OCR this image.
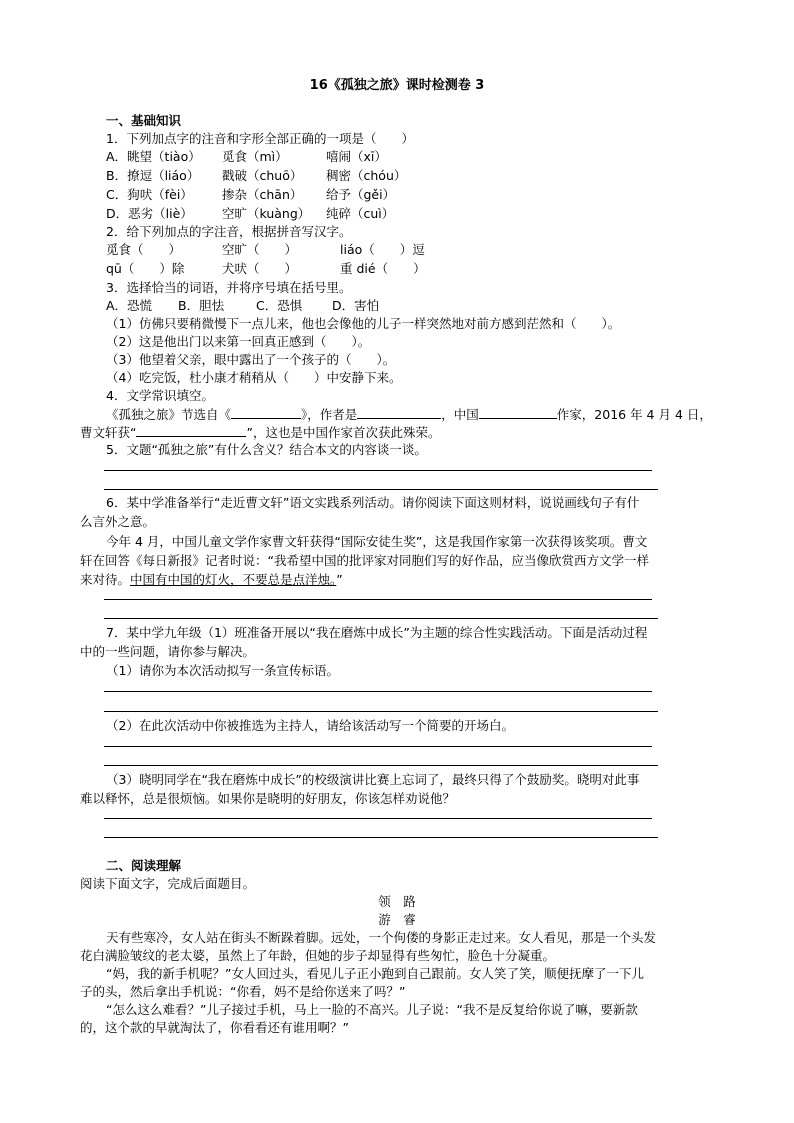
16《孤独之旅》课时检测卷 3
一、基础知识
1．下列加点字的注音和字形全部正确的一项是（　　）
A．眺望（tiào） 觅食（mì）	嘻闹（xī）
B．撩逗（liáo） 戳破（chuō） 稠密（chóu）
C．狗吠（fèi） 掺杂（chān） 给予（gěi）
D．恶劣（liè） 空旷（kuàng） 纯碎（cuì）
2．给下列加点的字注音，根据拼音写汉字。
觅食（　　）	空旷（　　）	liáo（　　）逗
qū（　　）除	犬吠（　　）	重 dié（　　）
3．选择恰当的词语，并将序号填在括号里。
A．恐慌 B．胆怯	C．恐惧 D．害怕
（1）仿佛只要稍微慢下一点儿来，他也会像他的儿子一样突然地对前方感到茫然和（　　）。
（2）这是他出门以来第一回真正感到（　　）。
（3）他望着父亲，眼中露出了一个孩子的（　　）。
（4）吃完饭，杜小康才稍稍从（　　）中安静下来。
4．文学常识填空。
《孤独之旅》节选自《	》，作者是	，中国	作家，2016 年 4 月 4 日，
曹文轩获“	”，这也是中国作家首次获此殊荣。
5．文题“孤独之旅”有什么含义？结合本文的内容谈一谈。
6．某中学准备举行“走近曹文轩”语文实践系列活动。请你阅读下面这则材料，说说画线句子有什
么言外之意。
今年 4 月，中国儿童文学作家曹文轩获得“国际安徒生奖”，这是我国作家第一次获得该奖项。曹文
轩在回答《每日新报》记者时说：“我希望中国的批评家对同胞们写的好作品，应当像欣赏西方文学一样
来对待。中国有中国的灯火，不要总是点洋烛。”
7．某中学九年级（1）班准备开展以“我在磨炼中成长”为主题的综合性实践活动。下面是活动过程
中的一些问题，请你参与解决。
（1）请你为本次活动拟写一条宣传标语。
（2）在此次活动中你被推选为主持人，请给该活动写一个简要的开场白。
（3）晓明同学在“我在磨炼中成长”的校级演讲比赛上忘词了，最终只得了个鼓励奖。晓明对此事
难以释怀，总是很烦恼。如果你是晓明的好朋友，你该怎样劝说他？
二、阅读理解
阅读下面文字，完成后面题目。
领　路
游　睿
天有些寒冷，女人站在街头不断跺着脚。远处，一个佝偻的身影正走过来。女人看见，那是一个头发
花白满脸皱纹的老太婆，虽然上了年龄，但她的步子却显得有些匆忙，脸色十分凝重。
“妈，我的新手机呢？”女人回过头，看见儿子正小跑到自己跟前。女人笑了笑，顺便抚摩了一下儿
子的头，然后拿出手机说：“你看，妈不是给你送来了吗？”
“怎么这么难看？”儿子接过手机，马上一脸的不高兴。儿子说：“我不是反复给你说了嘛，要新款
的，这个款的早就淘汰了，你看看还有谁用啊？”
